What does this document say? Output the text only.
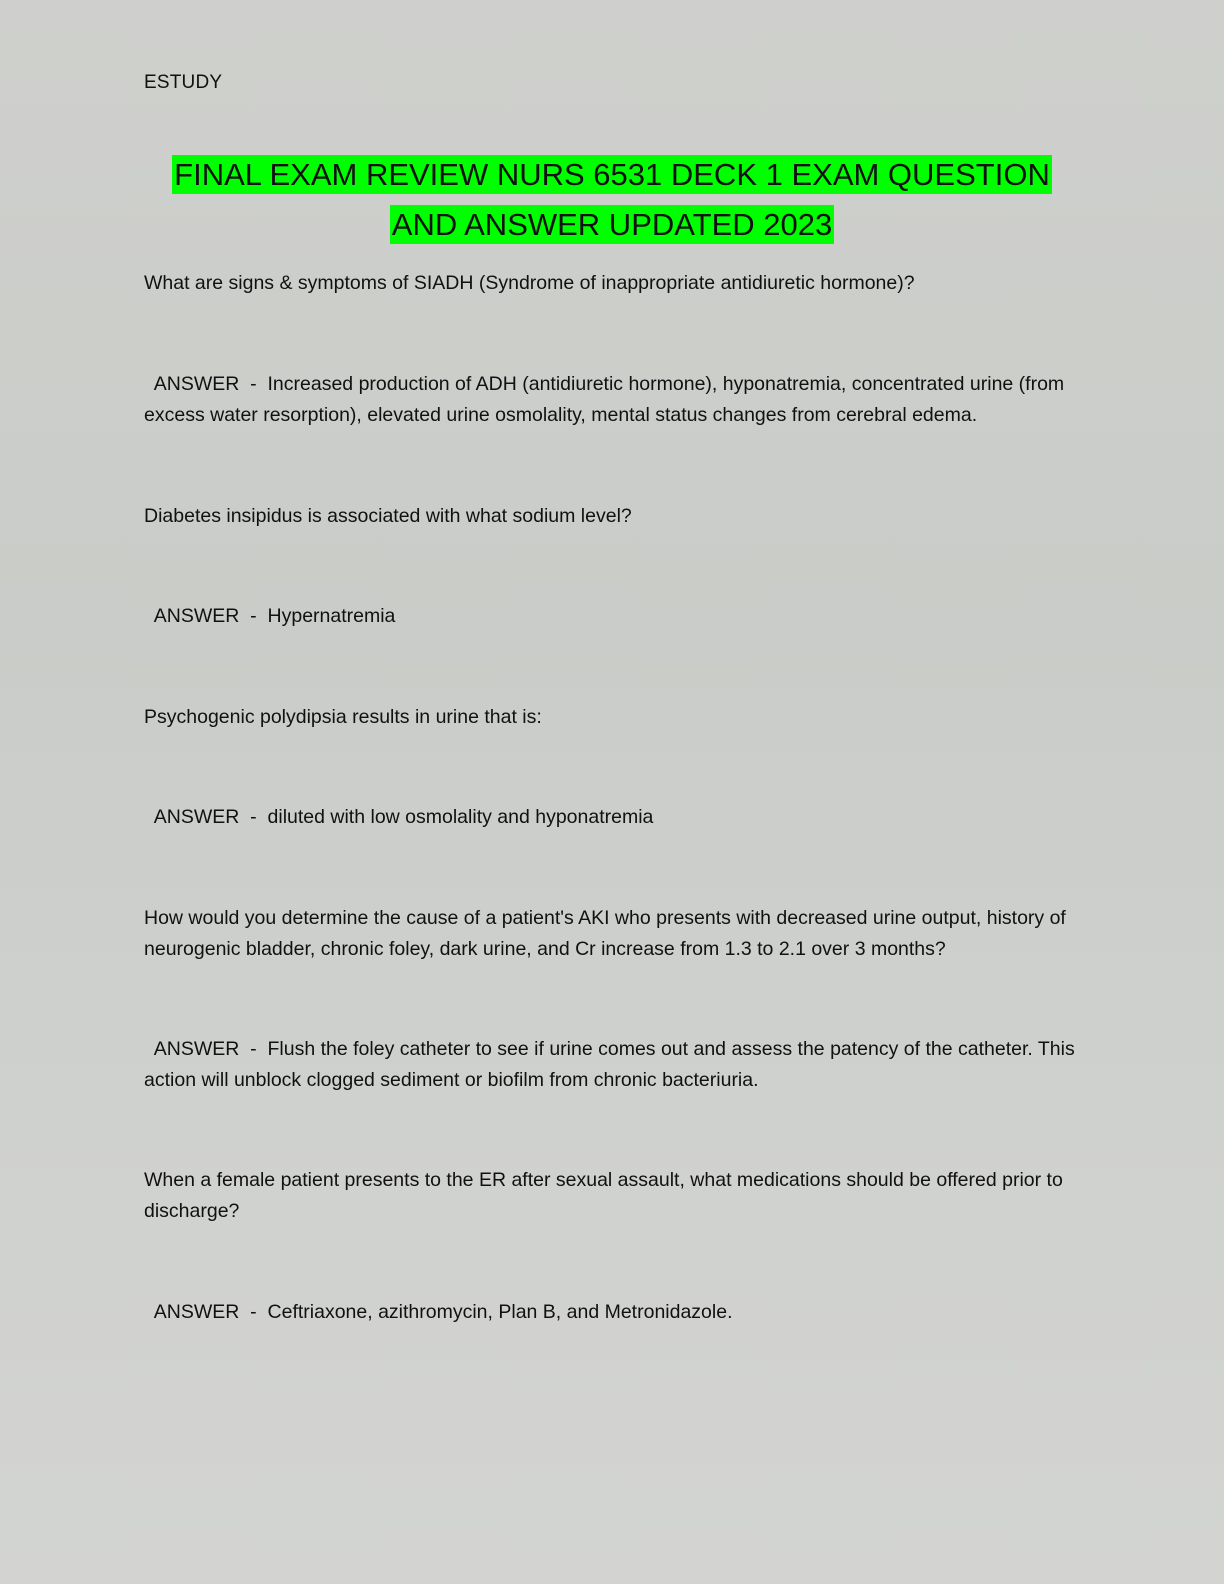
ESTUDY
FINAL EXAM REVIEW NURS 6531 DECK 1 EXAM QUESTION
AND ANSWER UPDATED 2023
What are signs & symptoms of SIADH (Syndrome of inappropriate antidiuretic hormone)?
ANSWER  -  Increased production of ADH (antidiuretic hormone), hyponatremia, concentrated urine (from excess water resorption), elevated urine osmolality, mental status changes from cerebral edema.
Diabetes insipidus is associated with what sodium level?
ANSWER  -  Hypernatremia
Psychogenic polydipsia results in urine that is:
ANSWER  -  diluted with low osmolality and hyponatremia
How would you determine the cause of a patient's AKI who presents with decreased urine output, history of neurogenic bladder, chronic foley, dark urine, and Cr increase from 1.3 to 2.1 over 3 months?
ANSWER  -  Flush the foley catheter to see if urine comes out and assess the patency of the catheter. This action will unblock clogged sediment or biofilm from chronic bacteriuria.
When a female patient presents to the ER after sexual assault, what medications should be offered prior to discharge?
ANSWER  -  Ceftriaxone, azithromycin, Plan B, and Metronidazole.
